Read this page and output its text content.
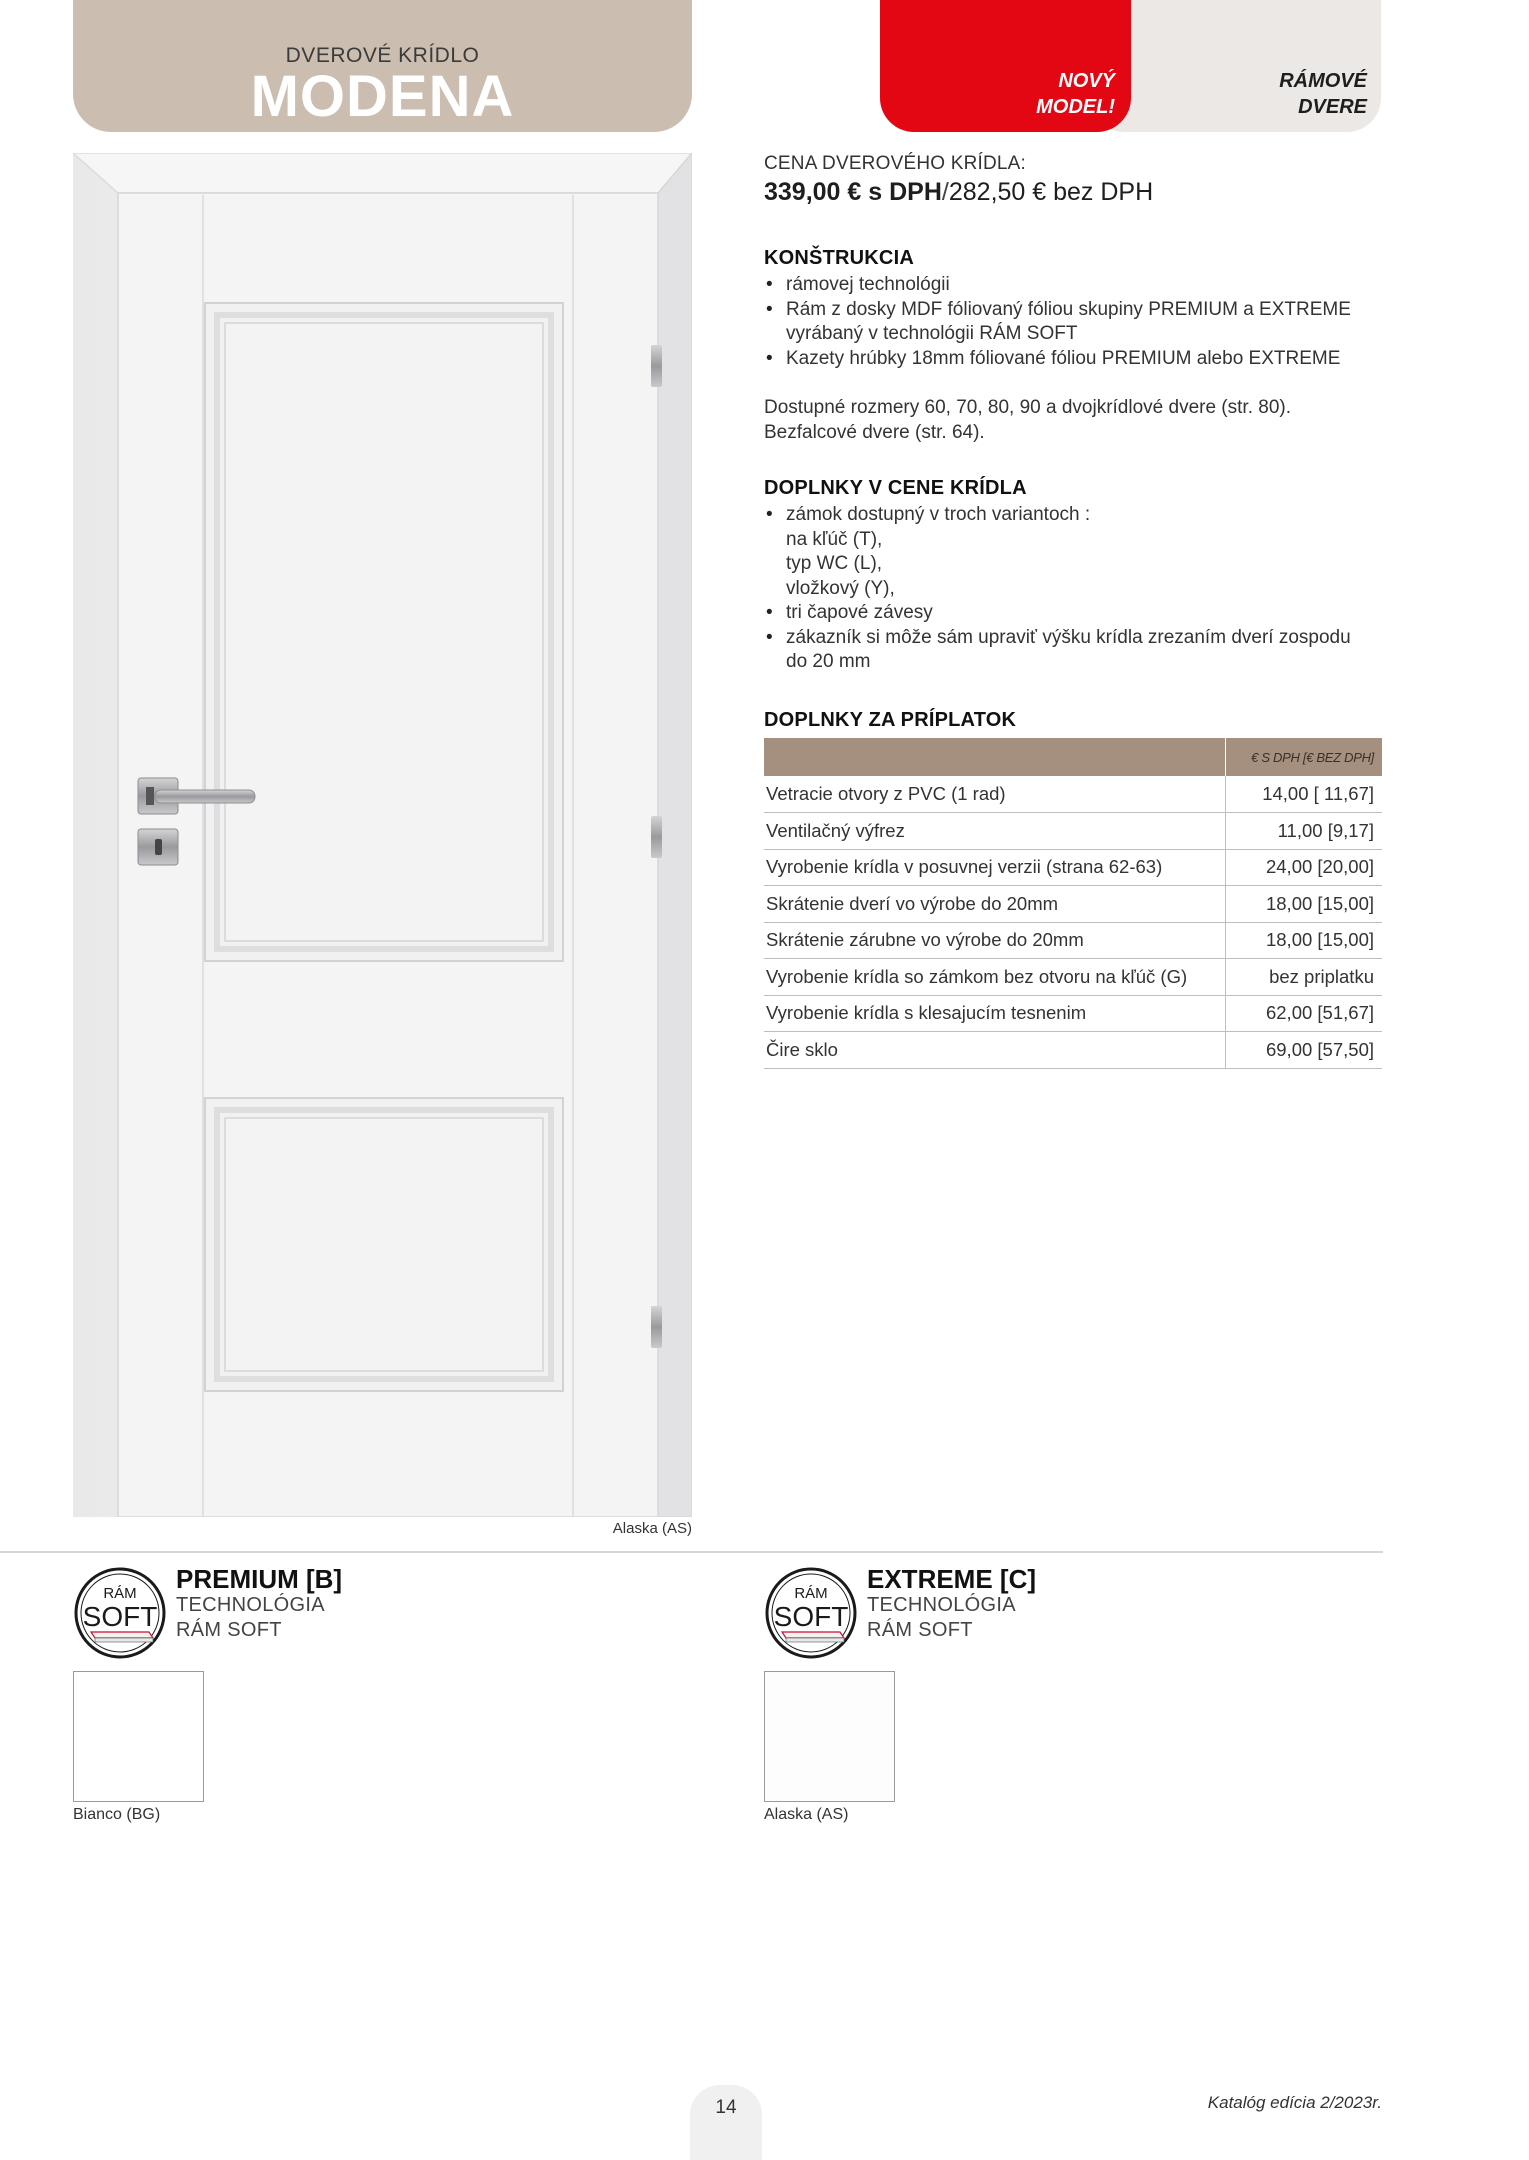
DVEROVÉ KRÍDLO
MODENA	RÁMOVÉ
DVERE
NOVÝ
MODEL!
Alaska (AS)
CENA DVEROVÉHO KRÍDLA:
339,00 € s DPH/282,50 € bez DPH
KONŠTRUKCIA
• rámovej technológii
• Rám z dosky MDF fóliovaný fóliou skupiny PREMIUM a EXTREME
vyrábaný v technológii RÁM SOFT
• Kazety hrúbky 18mm fóliované fóliou PREMIUM alebo EXTREME
Dostupné rozmery 60, 70, 80, 90 a dvojkrídlové dvere (str. 80).
Bezfalcové dvere (str. 64).
DOPLNKY V CENE KRÍDLA
• zámok dostupný v troch variantoch :
na kľúč (T),
typ WC (L),
vložkový (Y),
• tri čapové závesy
• zákazník si môže sám upraviť výšku krídla zrezaním dverí zospodu
do 20 mm
DOPLNKY ZA PRÍPLATOK
	€ S DPH [€ BEZ DPH]
Vetracie otvory z PVC (1 rad)	14,00 [ 11,67]
Ventilačný výfrez	11,00 [9,17]
Vyrobenie krídla v posuvnej verzii (strana 62-63)	24,00 [20,00]
Skrátenie dverí vo výrobe do 20mm	18,00 [15,00]
Skrátenie zárubne vo výrobe do 20mm	18,00 [15,00]
Vyrobenie krídla so zámkom bez otvoru na kľúč (G)	bez priplatku
Vyrobenie krídla s klesajucím tesnenim	62,00 [51,67]
Čire sklo	69,00 [57,50]
RÁM
SOFT
PREMIUM [B]
TECHNOLÓGIA
RÁM SOFT
Bianco (BG)
RÁM
SOFT
EXTREME [C]
TECHNOLÓGIA
RÁM SOFT
Alaska (AS)
14	Katalóg edícia 2/2023r.
